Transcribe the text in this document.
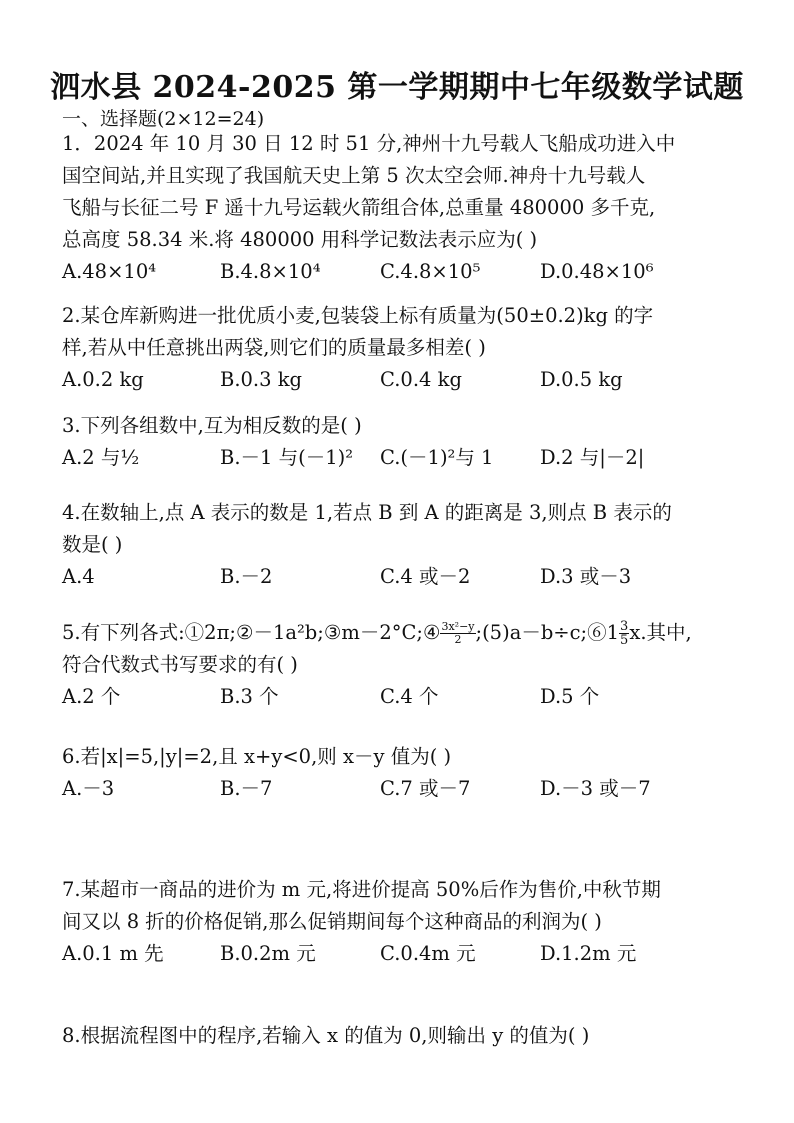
泗水县 2024-2025 第一学期期中七年级数学试题
一、选择题(2×12=24)

1．2024 年 10 月 30 日 12 时 51 分,神州十九号载人飞船成功进入中

国空间站,并且实现了我国航天史上第 5 次太空会师.神舟十九号载人

飞船与长征二号 F 遥十九号运载火箭组合体,总重量 480000 多千克,

总高度 58.34 米.将 480000 用科学记数法表示应为( )

A.48×10⁴	B.4.8×10⁴	C.4.8×10⁵	D.0.48×10⁶

2.某仓库新购进一批优质小麦,包装袋上标有质量为(50±0.2)kg 的字

样,若从中任意挑出两袋,则它们的质量最多相差( )

A.0.2 kg	B.0.3 kg	C.0.4 kg	D.0.5 kg

3.下列各组数中,互为相反数的是( )

A.2 与½	B.－1 与(－1)² C.(－1)²与 1 D.2 与|－2|

4.在数轴上,点 A 表示的数是 1,若点 B 到 A 的距离是 3,则点 B 表示的

数是( )

A.4	B.－2	C.4 或－2	D.3 或－3

5.有下列各式:①2π;②－1a²b;③m－2°C;④ $\frac{\text{3x²−y}}{2}$ ;(5)a－b÷c;⑥1 $\frac{3}{5} x$.其中,

符合代数式书写要求的有( )

A.2 个	B.3 个	C.4 个	D.5 个

6.若|x|=5,|y|=2,且 x+y<0,则 x－y 值为( )

A.－3	B.－7	C.7 或－7	D.－3 或－7

7.某超市一商品的进价为 m 元,将进价提高 50%后作为售价,中秋节期

间又以 8 折的价格促销,那么促销期间每个这种商品的利润为( )

A.0.1 m 先	B.0.2m 元	C.0.4m 元	D.1.2m 元

8.根据流程图中的程序,若输入 x 的值为 0,则输出 y 的值为( )
